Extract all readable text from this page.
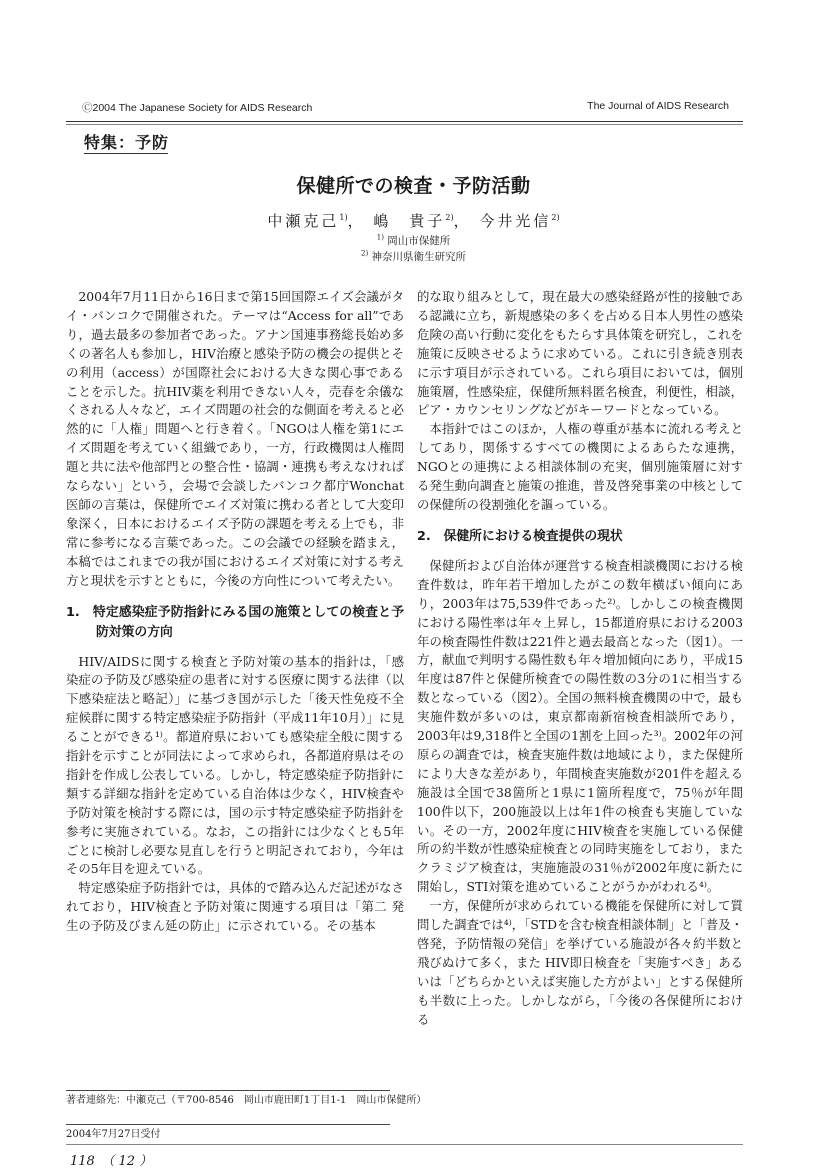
Ⓒ2004 The Japanese Society for AIDS Research	The Journal of AIDS Research
特集：予防
保健所での検査・予防活動
中瀬克己$^{1)}$， 嶋　貴子$^{2)}$， 今井光信$^{2)}$
$^{1)}$ 岡山市保健所
$^{2)}$ 神奈川県衛生研究所

2004年7月11日から16日まで第15回国際エイズ会議がタイ・バンコクで開催された。テーマは“Access for all”であり，過去最多の参加者であった。アナン国連事務総長始め多くの著名人も参加し，HIV治療と感染予防の機会の提供とその利用（access）が国際社会における大きな関心事であることを示した。抗HIV薬を利用できない人々，売春を余儀なくされる人々など，エイズ問題の社会的な側面を考えると必然的に「人権」問題へと行き着く。「NGOは人権を第1にエイズ問題を考えていく組織であり，一方，行政機関は人権問題と共に法や他部門との整合性・協調・連携も考えなければならない」という，会場で会談したバンコク都庁Wonchat医師の言葉は，保健所でエイズ対策に携わる者として大変印象深く，日本におけるエイズ予防の課題を考える上でも，非常に参考になる言葉であった。この会議での経験を踏まえ，本稿ではこれまでの我が国におけるエイズ対策に対する考え方と現状を示すとともに，今後の方向性について考えたい。

1.　特定感染症予防指針にみる国の施策としての検査と予防対策の方向

HIV/AIDSに関する検査と予防対策の基本的指針は，「感染症の予防及び感染症の患者に対する医療に関する法律（以下感染症法と略記）」に基づき国が示した「後天性免疫不全症候群に関する特定感染症予防指針（平成11年10月）」に見ることができる¹⁾。都道府県においても感染症全般に関する指針を示すことが同法によって求められ，各都道府県はその指針を作成し公表している。しかし，特定感染症予防指針に類する詳細な指針を定めている自治体は少なく，HIV検査や予防対策を検討する際には，国の示す特定感染症予防指針を参考に実施されている。なお，この指針には少なくとも5年ごとに検討し必要な見直しを行うと明記されており，今年はその5年目を迎えている。

特定感染症予防指針では，具体的で踏み込んだ記述がなされており，HIV検査と予防対策に関連する項目は「第二 発生の予防及びまん延の防止」に示されている。その基本

的な取り組みとして，現在最大の感染経路が性的接触である認識に立ち，新規感染の多くを占める日本人男性の感染危険の高い行動に変化をもたらす具体策を研究し，これを施策に反映させるように求めている。これに引き続き別表に示す項目が示されている。これら項目においては，個別施策層，性感染症，保健所無料匿名検査，利便性，相談，ピア・カウンセリングなどがキーワードとなっている。

本指針ではこのほか，人権の尊重が基本に流れる考えとしてあり，関係するすべての機関によるあらたな連携，NGOとの連携による相談体制の充実，個別施策層に対する発生動向調査と施策の推進，普及啓発事業の中核としての保健所の役割強化を謳っている。

2.　保健所における検査提供の現状

保健所および自治体が運営する検査相談機関における検査件数は，昨年若干増加したがこの数年横ばい傾向にあり，2003年は75,539件であった²⁾。しかしこの検査機関における陽性率は年々上昇し，15都道府県における2003年の検査陽性件数は221件と過去最高となった（図1）。一方，献血で判明する陽性数も年々増加傾向にあり，平成15年度は87件と保健所検査での陽性数の3分の1に相当する数となっている（図2）。全国の無料検査機関の中で，最も実施件数が多いのは，東京都南新宿検査相談所であり，2003年は9,318件と全国の1割を上回った³⁾。2002年の河原らの調査では，検査実施件数は地域により，また保健所により大きな差があり，年間検査実施数が201件を超える施設は全国で38箇所と1県に1箇所程度で，75％が年間100件以下，200施設以上は年1件の検査も実施していない。その一方，2002年度にHIV検査を実施している保健所の約半数が性感染症検査との同時実施をしており，またクラミジア検査は，実施施設の31％が2002年度に新たに開始し，STI対策を進めていることがうかがわれる⁴⁾。

一方，保健所が求められている機能を保健所に対して質問した調査では⁴⁾，「STDを含む検査相談体制」と「普及・啓発，予防情報の発信」を挙げている施設が各々約半数と飛びぬけて多く，また HIV即日検査を「実施すべき」あるいは「どちらかといえば実施した方がよい」とする保健所も半数に上った。しかしながら，「今後の各保健所における

著者連絡先：中瀬克己（〒700-8546　岡山市鹿田町1丁目1-1　岡山市保健所）
2004年7月27日受付
118　（ 12 ）
